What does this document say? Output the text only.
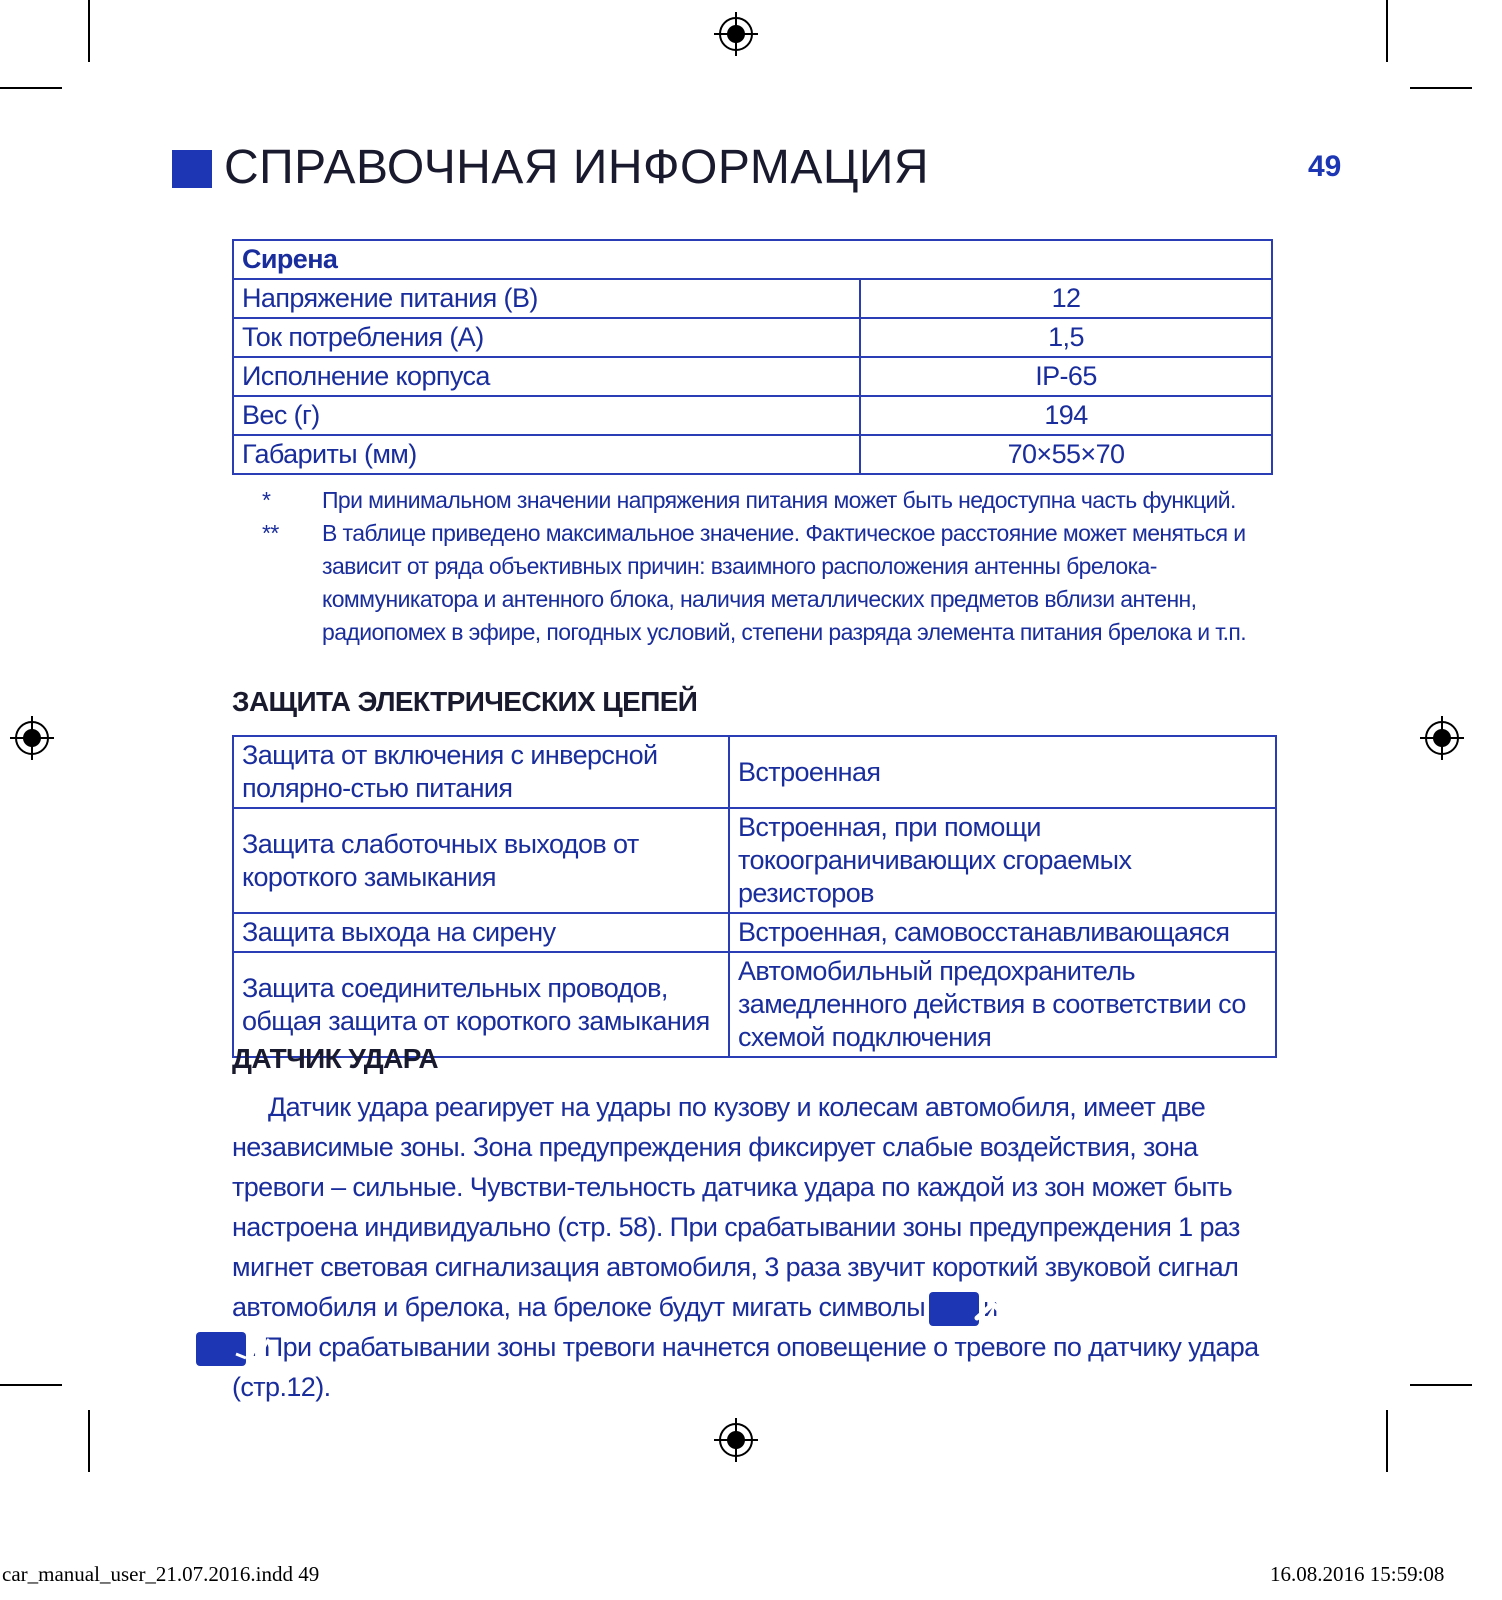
СПРАВОЧНАЯ ИНФОРМАЦИЯ	49
Сирена	
Напряжение питания (В)	12
Ток потребления (А)	1,5
Исполнение корпуса	IP-65
Вес (г)	194
Габариты (мм)	70×55×70
*	При минимальном значении напряжения питания может быть недоступна часть функций.
**	В таблице приведено максимальное значение. Фактическое расстояние может меняться и зависит от ряда объективных причин: взаимного расположения антенны брелока-коммуникатора и антенного блока, наличия металлических предметов вблизи антенн, радиопомех в эфире, погодных условий, степени разряда элемента питания брелока и т.п.
ЗАЩИТА ЭЛЕКТРИЧЕСКИХ ЦЕПЕЙ
Защита от включения с инверсной полярно-стью питания	Встроенная
Защита слаботочных выходов от короткого замыкания	Встроенная, при помощи токоограничивающих сгораемых резисторов
Защита выхода на сирену	Встроенная, самовосстанавливающаяся
Защита соединительных проводов, общая защита от короткого замыкания	Автомобильный предохранитель замедленного действия в соответствии со схемой подключения
ДАТЧИК УДАРА

Датчик удара реагирует на удары по кузову и колесам автомобиля, имеет две независимые зоны. Зона предупреждения фиксирует слабые воздействия, зона тревоги – сильные. Чувстви-тельность датчика удара по каждой из зон может быть настроена индивидуально (стр. 58). При срабатывании зоны предупреждения 1 раз мигнет световая сигнализация автомобиля, 3 раза звучит короткий звуковой сигнал автомобиля и брелока, на брелоке будут мигать символы
. При срабатывании зоны тревоги начнется оповещение о тревоге по датчику удара (стр.12).

car_manual_user_21.07.2016.indd 49	16.08.2016 15:59:08
